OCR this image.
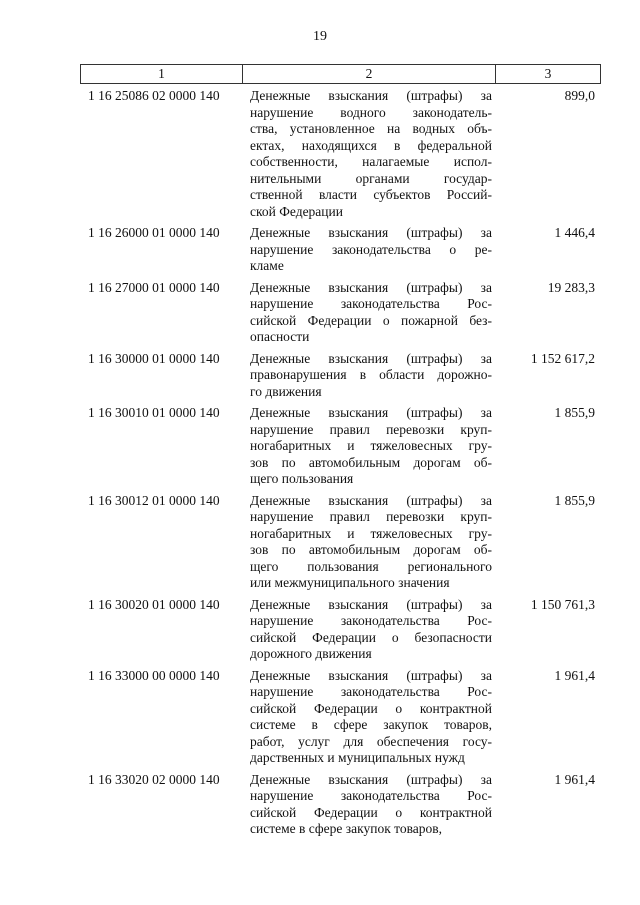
19
1	2	3
1 16 25086 02 0000 140	Денежные взыскания (штрафы) за
нарушение водного законодатель-
ства, установленное на водных объ-
ектах, находящихся в федеральной
собственности, налагаемые испол-
нительными органами государ-
ственной власти субъектов Россий-
ской Федерации
899,0
1 16 26000 01 0000 140	Денежные взыскания (штрафы) за
нарушение законодательства о ре-
кламе
1 446,4
1 16 27000 01 0000 140	Денежные взыскания (штрафы) за
нарушение законодательства Рос-
сийской Федерации о пожарной без-
опасности
19 283,3
1 16 30000 01 0000 140	Денежные взыскания (штрафы) за
правонарушения в области дорожно-
го движения
1 152 617,2
1 16 30010 01 0000 140	Денежные взыскания (штрафы) за
нарушение правил перевозки круп-
ногабаритных и тяжеловесных гру-
зов по автомобильным дорогам об-
щего пользования
1 855,9
1 16 30012 01 0000 140	Денежные взыскания (штрафы) за
нарушение правил перевозки круп-
ногабаритных и тяжеловесных гру-
зов по автомобильным дорогам об-
щего пользования регионального
или межмуниципального значения
1 855,9
1 16 30020 01 0000 140	Денежные взыскания (штрафы) за
нарушение законодательства Рос-
сийской Федерации о безопасности
дорожного движения
1 150 761,3
1 16 33000 00 0000 140	Денежные взыскания (штрафы) за
нарушение законодательства Рос-
сийской Федерации о контрактной
системе в сфере закупок товаров,
работ, услуг для обеспечения госу-
дарственных и муниципальных нужд
1 961,4
1 16 33020 02 0000 140	Денежные взыскания (штрафы) за
нарушение законодательства Рос-
сийской Федерации о контрактной
системе в сфере закупок товаров,
1 961,4
